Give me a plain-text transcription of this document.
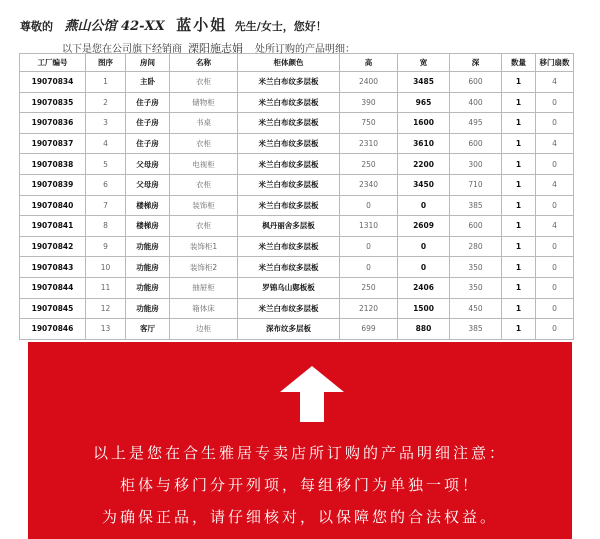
尊敬的 燕山公馆 42-XX 蓝小姐 先生/女士，您好！
以下是您在公司旗下经销商 溧阳施志娟 处所订购的产品明细：
工厂编号	图序	房间	名称	柜体颜色	高	宽	深	数量	移门扇数
19070834	1	主卧	衣柜	米兰白布纹多层板	2400	3485	600	1	4
19070835	2	住子房	储物柜	米兰白布纹多层板	390	965	400	1	0
19070836	3	住子房	书桌	米兰白布纹多层板	750	1600	495	1	0
19070837	4	住子房	衣柜	米兰白布纹多层板	2310	3610	600	1	4
19070838	5	父母房	电视柜	米兰白布纹多层板	250	2200	300	1	0
19070839	6	父母房	衣柜	米兰白布纹多层板	2340	3450	710	1	4
19070840	7	楼梯房	装饰柜	米兰白布纹多层板	0	0	385	1	0
19070841	8	楼梯房	衣柜	枫丹丽舍多层板	1310	2609	600	1	4
19070842	9	功能房	装饰柜1	米兰白布纹多层板	0	0	280	1	0
19070843	10	功能房	装饰柜2	米兰白布纹多层板	0	0	350	1	0
19070844	11	功能房	抽屉柜	罗锦乌山鄚板板	250	2406	350	1	0
19070845	12	功能房	箱体床	米兰白布纹多层板	2120	1500	450	1	0
19070846	13	客厅	边柜	深布纹多层板	699	880	385	1	0
以上是您在合生雅居专卖店所订购的产品明细注意：
柜体与移门分开列项，每组移门为单独一项！
为确保正品，请仔细核对，以保障您的合法权益。
